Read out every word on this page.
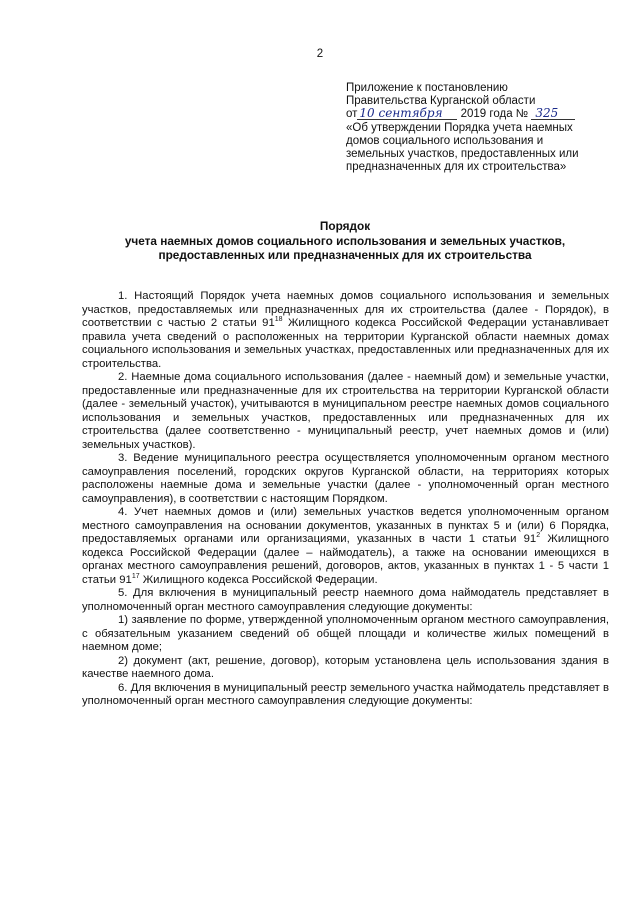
2
Приложение к постановлению
Правительства Курганской области
от 10 сентября 2019 года № 325
«Об утверждении Порядка учета наемных
домов социального использования и
земельных участков, предоставленных или
предназначенных для их строительства»
Порядок
учета наемных домов социального использования и земельных участков,
предоставленных или предназначенных для их строительства

1. Настоящий Порядок учета наемных домов социального использования и земельных участков, предоставляемых или предназначенных для их строительства (далее - Порядок), в соответствии с частью 2 статьи $91^{18}$ Жилищного кодекса Российской Федерации устанавливает правила учета сведений о расположенных на территории Курганской области наемных домах социального использования и земельных участках, предоставленных или предназначенных для их строительства.

2. Наемные дома социального использования (далее - наемный дом) и земельные участки, предоставленные или предназначенные для их строительства на территории Курганской области (далее - земельный участок), учитываются в муниципальном реестре наемных домов социального использования и земельных участков, предоставленных или предназначенных для их строительства (далее соответственно - муниципальный реестр, учет наемных домов и (или) земельных участков).

3. Ведение муниципального реестра осуществляется уполномоченным органом местного самоуправления поселений, городских округов Курганской области, на территориях которых расположены наемные дома и земельные участки (далее - уполномоченный орган местного самоуправления), в соответствии с настоящим Порядком.

4. Учет наемных домов и (или) земельных участков ведется уполномоченным органом местного самоуправления на основании документов, указанных в пунктах 5 и (или) 6 Порядка, предоставляемых органами или организациями, указанных в части 1 статьи $91^2$ Жилищного кодекса Российской Федерации (далее – наймодатель), а также на основании имеющихся в органах местного самоуправления решений, договоров, актов, указанных в пунктах 1 - 5 части 1 статьи $91^{17}$ Жилищного кодекса Российской Федерации.

5. Для включения в муниципальный реестр наемного дома наймодатель представляет в уполномоченный орган местного самоуправления следующие документы:

1) заявление по форме, утвержденной уполномоченным органом местного самоуправления, с обязательным указанием сведений об общей площади и количестве жилых помещений в наемном доме;

2) документ (акт, решение, договор), которым установлена цель использования здания в качестве наемного дома.

6. Для включения в муниципальный реестр земельного участка наймодатель представляет в уполномоченный орган местного самоуправления следующие документы:
